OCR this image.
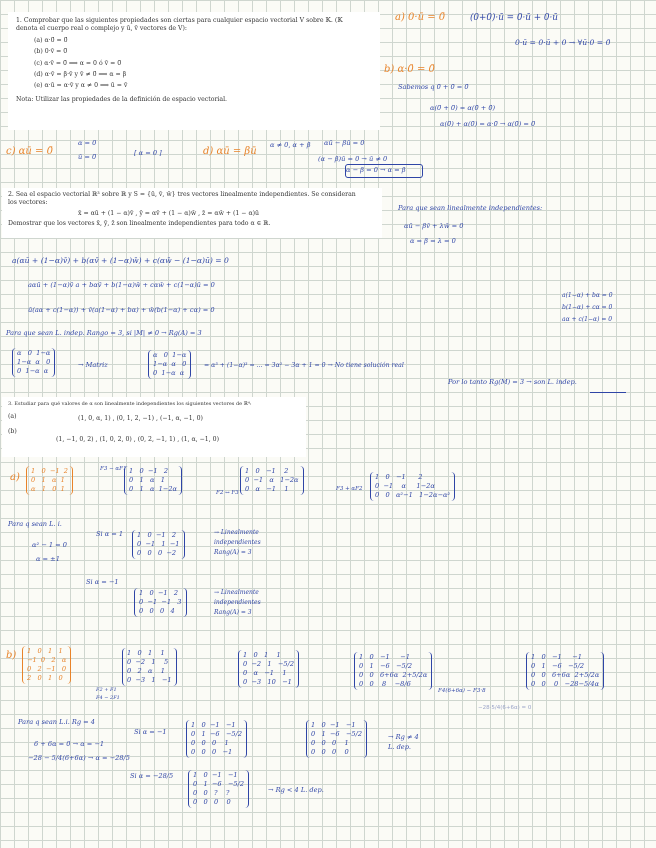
1. Comprobar que las siguientes propiedades son ciertas para cualquier espacio vectorial V sobre 𝕂. (𝕂

denota el cuerpo real o complejo y ū, v̄ vectores de V):

(a) α·0̄ = 0̄

(b) 0·v̄ = 0̄

(c) α·v̄ = 0̄ ⟹ α = 0 ó v̄ = 0̄

(d) α·v̄ = β·v̄ y v̄ ≠ 0̄ ⟹ α = β

(e) α·ū = α·v̄ y α ≠ 0 ⟹ ū = v̄

Nota: Utilizar las propiedades de la definición de espacio vectorial.

2. Sea el espacio vectorial ℝ³ sobre ℝ y S = {ū, v̄, w̄} tres vectores linealmente independientes. Se consideran

los vectores:

x̄ = αū + (1 − α)v̄ , ȳ = αv̄ + (1 − α)w̄ , z̄ = αw̄ + (1 − α)ū

Demostrar que los vectores x̄, ȳ, z̄ son linealmente independientes para todo α ∈ ℝ.

3. Estudiar para qué valores de α son linealmente independientes los siguientes vectores de ℝ⁴:

(a)	(1, 0, α, 1) , (0, 1, 2, −1) , (−1, α, −1, 0)

(b)

(1, −1, 0, 2) , (1, 0, 2, 0) , (0, 2, −1, 1) , (1, α, −1, 0)

a) 0·ū = 0̄	(0+0)·ū = 0·ū + 0·ū
0·ū = 0·ū + 0 → ∀ū·0 = 0̄
b) α·0̄ = 0̄
Sabemos q 0̄ + 0̄ = 0̄
α(0̄ + 0̄) = α(0̄ + 0̄)
α(0̄) + α(0̄) = α·0̄ → α(0̄) = 0̄
c) αū = 0̄
α = 0
ū = 0̄	[ α = 0 ]	d) αū = βū
α ≠ 0, α + β αū − βū = 0
(α − β)ū = 0 → ū ≠ 0
α − β = 0 → α = β
Para que sean linealmente independientes:
αū − βv̄ + λw̄ = 0
α = β = λ = 0
a(αū + (1−α)v̄) + b(αv̄ + (1−α)w̄) + c(αw̄ − (1−α)ū) = 0
aαū + (1−α)v̄ a + bαv̄ + b(1−α)w̄ + cαw̄ + c(1−α)ū = 0
ū(aα + c(1−α)) + v̄(a(1−α) + bα) + w̄(b(1−α) + cα) = 0
a(1−α) + bα = 0
b(1−α) + cα = 0
aα + c(1−α) = 0
Para que sean L. indep. Rango = 3, si |M| ≠ 0 → Rg(A) = 3
α   0  1−α
1−α  α   0
0  1−α  α
→ Matriz
α   0  1−α
1−α  α   0
0  1−α  α
= α³ + (1−α)³ = ... = 3α² − 3α + 1 = 0 → No tiene solución real
Por lo tanto Rg(M) = 3 → son L. indep.
a)
1   0  −1  2
0   1   α  1
α   1   0  1
F3 − αF1 1   0  −1   2
0   1   α   1
0   1   α  1−2α	F2 ↔ F3
1   0   −1    2
0  −1   α   1−2α
0   α   −1    1	F3 + αF2
1   0   −1      2
0  −1    α     1−2α
0   0   α²−1   1−2α−α²
Para q sean L. i.
α² − 1 = 0
α = ±1
Si α = 1	1   0  −1   2
0  −1   1  −1
0   0   0  −2
→ Linealmente
independientes
Rang(A) = 3
Si α = −1
1   0  −1   2
0  −1  −1   3
0   0   0   4
→ Linealmente
independientes
Rang(A) = 3
b)	1   0   1   1
−1  0   2   α
0   2  −1   0
2   0   1   0
F2 + F1
F4 − 2F1
1   0   1    1
0  −2   1    5
0   2   α    1
0  −3   1   −1
1   0   1    1
0  −2   1   −5/2
0   α   −1    1
0  −3   10   −1
1   0   −1     −1
0   1   −6   −5/2
0   0   6+6α  2+5/2α
0   0    8    −8/6
F4(6+6α) − F3·8
1   0   −1     −1
0   1   −6   −5/2
0   0   6+6α  2+5/2α
0   0    0   −28−5/4α
−28·5/4(6+6α) = 0
Para q sean L.i. Rg = 4
6 + 6α = 0 → α = −1
−28 − 5/4(6+6α) → α = −28/5
Si α = −1
1   0  −1   −1
0   1  −6   −5/2
0   0   0    1
0   0   0   −1
1   0  −1   −1
0   1  −6   −5/2
0   0   0    1
0   0   0    0
→ Rg ≠ 4
L. dep.
Si α = −28/5	1   0  −1   −1
0   1  −6   −5/2
0   0   ?    ?
0   0   0    0
→ Rg < 4 L. dep.
